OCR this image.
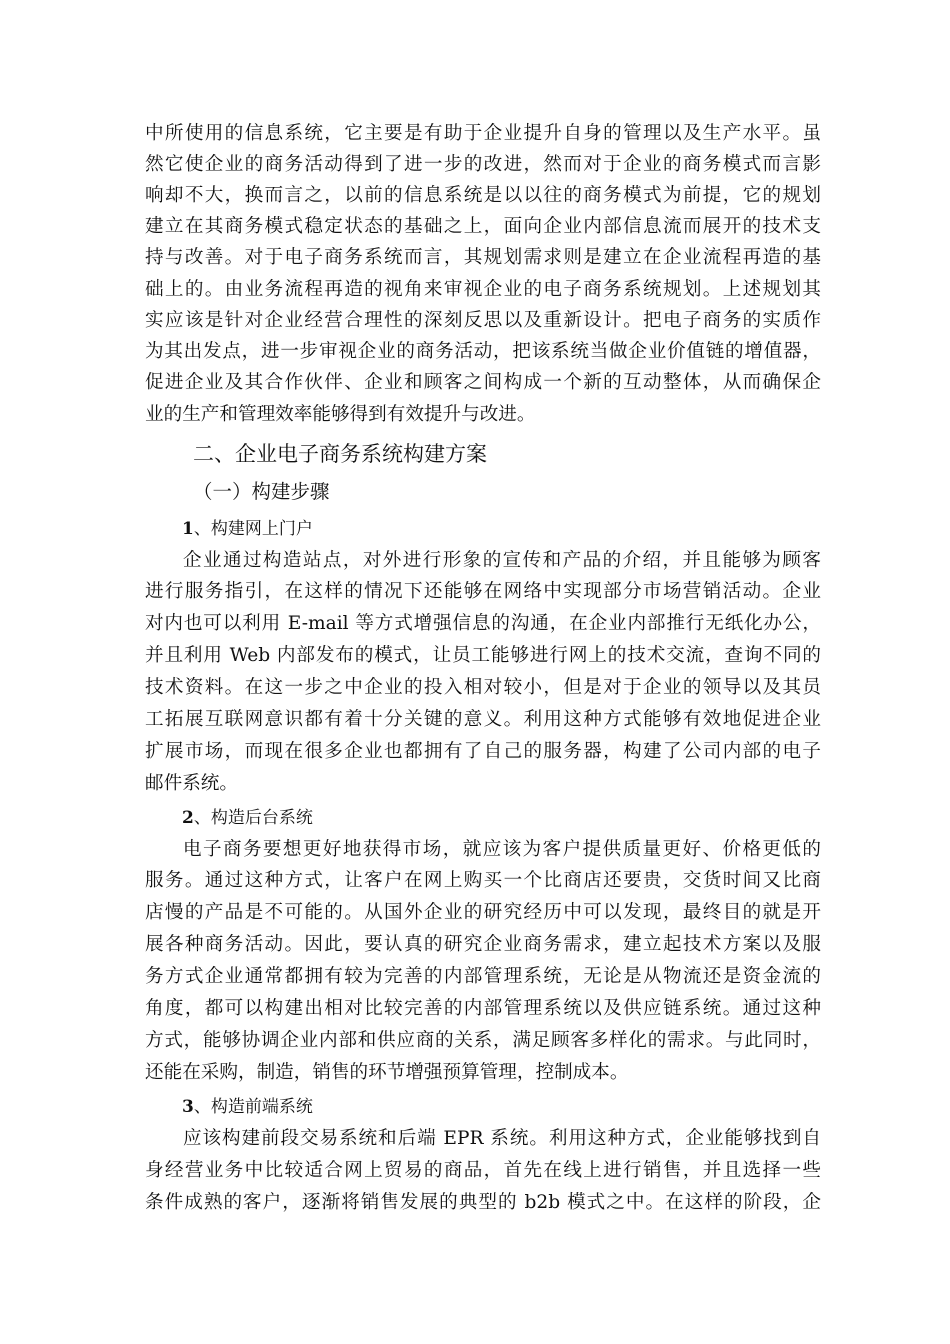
中所使用的信息系统，它主要是有助于企业提升自身的管理以及生产水平。虽
然它使企业的商务活动得到了进一步的改进，然而对于企业的商务模式而言影
响却不大，换而言之，以前的信息系统是以以往的商务模式为前提，它的规划
建立在其商务模式稳定状态的基础之上，面向企业内部信息流而展开的技术支
持与改善。对于电子商务系统而言，其规划需求则是建立在企业流程再造的基
础上的。由业务流程再造的视角来审视企业的电子商务系统规划。上述规划其
实应该是针对企业经营合理性的深刻反思以及重新设计。把电子商务的实质作
为其出发点，进一步审视企业的商务活动，把该系统当做企业价值链的增值器，
促进企业及其合作伙伴、企业和顾客之间构成一个新的互动整体，从而确保企
业的生产和管理效率能够得到有效提升与改进。
二、企业电子商务系统构建方案
（一）构建步骤
1、构建网上门户
企业通过构造站点，对外进行形象的宣传和产品的介绍，并且能够为顾客
进行服务指引，在这样的情况下还能够在网络中实现部分市场营销活动。企业
对内也可以利用 E-mail 等方式增强信息的沟通，在企业内部推行无纸化办公，
并且利用 Web 内部发布的模式，让员工能够进行网上的技术交流，查询不同的
技术资料。在这一步之中企业的投入相对较小，但是对于企业的领导以及其员
工拓展互联网意识都有着十分关键的意义。利用这种方式能够有效地促进企业
扩展市场，而现在很多企业也都拥有了自己的服务器，构建了公司内部的电子
邮件系统。
2、构造后台系统
电子商务要想更好地获得市场，就应该为客户提供质量更好、价格更低的
服务。通过这种方式，让客户在网上购买一个比商店还要贵，交货时间又比商
店慢的产品是不可能的。从国外企业的研究经历中可以发现，最终目的就是开
展各种商务活动。因此，要认真的研究企业商务需求，建立起技术方案以及服
务方式企业通常都拥有较为完善的内部管理系统，无论是从物流还是资金流的
角度，都可以构建出相对比较完善的内部管理系统以及供应链系统。通过这种
方式，能够协调企业内部和供应商的关系，满足顾客多样化的需求。与此同时，
还能在采购，制造，销售的环节增强预算管理，控制成本。
3、构造前端系统
应该构建前段交易系统和后端 EPR 系统。利用这种方式，企业能够找到自
身经营业务中比较适合网上贸易的商品，首先在线上进行销售，并且选择一些
条件成熟的客户，逐渐将销售发展的典型的 b2b 模式之中。在这样的阶段，企
